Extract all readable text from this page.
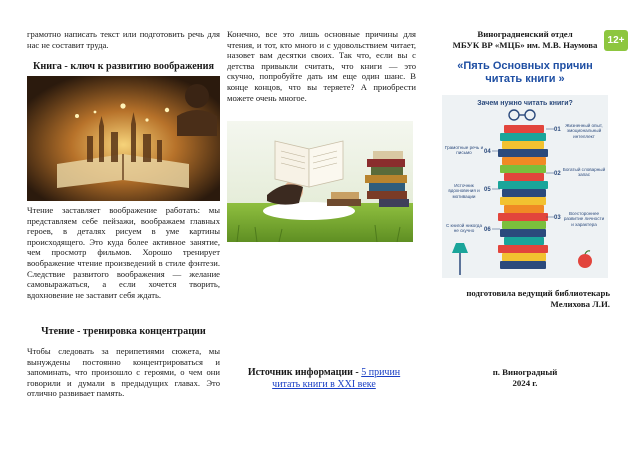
грамотно написать текст или подготовить речь для нас не составит труда.

Книга - ключ к развитию воображения

Чтение заставляет воображение работать: мы представляем себе пейзажи, воображаем главных героев, в деталях рисуем в уме картины происходящего. Это куда более активное занятие, чем просмотр фильмов. Хорошо тренирует воображение чтение произведений в стиле фэнтези. Следствие развитого воображения — желание самовыражаться, а если хочется творить, вдохновение не заставит себя ждать.

Чтение - тренировка концентрации

Чтобы следовать за перипетиями сюжета, мы вынуждены постоянно концентрироваться и запоминать, что произошло с героями, о чем они говорили и думали в предыдущих главах. Это отлично развивает память.

Конечно, все это лишь основные причины для чтения, и тот, кто много и с удовольствием читает, назовет вам десятки своих. Так что, если вы с детства привыкли считать, что книги — это скучно, попробуйте дать им еще один шанс. В конце концов, что вы теряете? А приобрести можете очень многое.

Источник информации - 5 причин читать книги в XXI веке

Виноградненский отдел

МБУК ВР «МЦБ» им. М.В. Наумова

«Пять Основных причин читать книги »

Зачем нужно читать книги?
01
02
03
04
05
06
Жизненный опыт, эмоциональный интеллект
Богатый словарный запас
Всестороннее развитие личности и характера
Грамотные речь и письмо
Источник вдохновения и мотивации
С книгой никогда не скучно

подготовила ведущий библиотекарь

Мелихова Л.И.

п. Виноградный

2024 г.

12+
